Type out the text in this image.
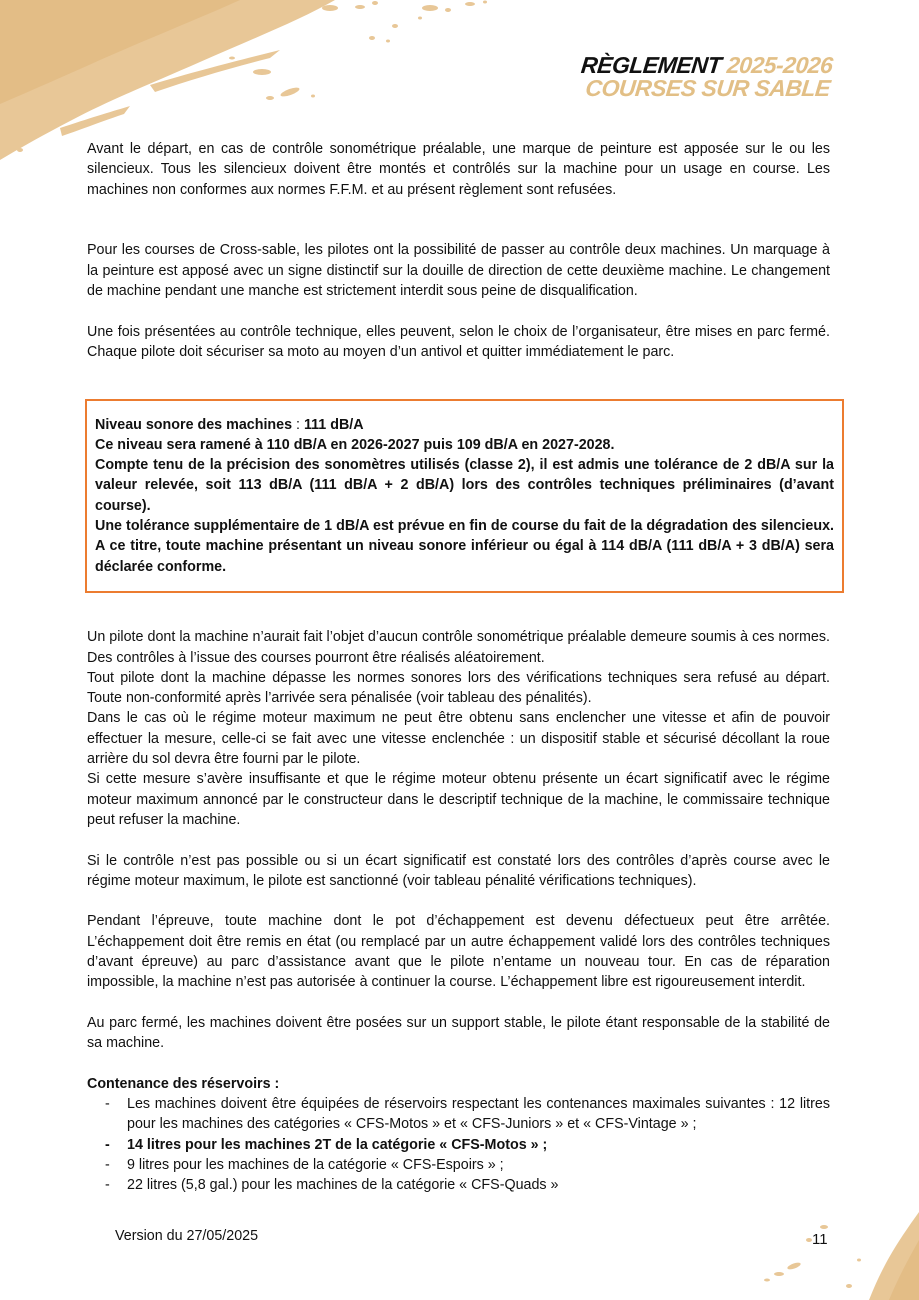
RÈGLEMENT 2025-2026
COURSES SUR SABLE

Avant le départ, en cas de contrôle sonométrique préalable, une marque de peinture est apposée sur le ou les silencieux. Tous les silencieux doivent être montés et contrôlés sur la machine pour un usage en course. Les machines non conformes aux normes F.F.M. et au présent règlement sont refusées.

Pour les courses de Cross-sable, les pilotes ont la possibilité de passer au contrôle deux machines. Un marquage à la peinture est apposé avec un signe distinctif sur la douille de direction de cette deuxième machine. Le changement de machine pendant une manche est strictement interdit sous peine de disqualification.

Une fois présentées au contrôle technique, elles peuvent, selon le choix de l’organisateur, être mises en parc fermé. Chaque pilote doit sécuriser sa moto au moyen d’un antivol et quitter immédiatement le parc.

Niveau sonore des machines : 111 dB/A

Ce niveau sera ramené à 110 dB/A en 2026-2027 puis 109 dB/A en 2027-2028.

Compte tenu de la précision des sonomètres utilisés (classe 2), il est admis une tolérance de 2 dB/A sur la valeur relevée, soit 113 dB/A (111 dB/A + 2 dB/A) lors des contrôles techniques préliminaires (d’avant course).

Une tolérance supplémentaire de 1 dB/A est prévue en fin de course du fait de la dégradation des silencieux. A ce titre, toute machine présentant un niveau sonore inférieur ou égal à 114 dB/A (111 dB/A + 3 dB/A) sera déclarée conforme.

Un pilote dont la machine n’aurait fait l’objet d’aucun contrôle sonométrique préalable demeure soumis à ces normes. Des contrôles à l’issue des courses pourront être réalisés aléatoirement.

Tout pilote dont la machine dépasse les normes sonores lors des vérifications techniques sera refusé au départ. Toute non-conformité après l’arrivée sera pénalisée (voir tableau des pénalités).

Dans le cas où le régime moteur maximum ne peut être obtenu sans enclencher une vitesse et afin de pouvoir effectuer la mesure, celle-ci se fait avec une vitesse enclenchée : un dispositif stable et sécurisé décollant la roue arrière du sol devra être fourni par le pilote.

Si cette mesure s’avère insuffisante et que le régime moteur obtenu présente un écart significatif avec le régime moteur maximum annoncé par le constructeur dans le descriptif technique de la machine, le commissaire technique peut refuser la machine.

Si le contrôle n’est pas possible ou si un écart significatif est constaté lors des contrôles d’après course avec le régime moteur maximum, le pilote est sanctionné (voir tableau pénalité vérifications techniques).

Pendant l’épreuve, toute machine dont le pot d’échappement est devenu défectueux peut être arrêtée. L’échappement doit être remis en état (ou remplacé par un autre échappement validé lors des contrôles techniques d’avant épreuve) au parc d’assistance avant que le pilote n’entame un nouveau tour. En cas de réparation impossible, la machine n’est pas autorisée à continuer la course. L’échappement libre est rigoureusement interdit.

Au parc fermé, les machines doivent être posées sur un support stable, le pilote étant responsable de la stabilité de sa machine.

Contenance des réservoirs :

- Les machines doivent être équipées de réservoirs respectant les contenances maximales suivantes : 12 litres pour les machines des catégories « CFS-Motos » et « CFS-Juniors » et « CFS-Vintage » ;
- 14 litres pour les machines 2T de la catégorie « CFS-Motos » ;
- 9 litres pour les machines de la catégorie « CFS-Espoirs » ;
- 22 litres (5,8 gal.) pour les machines de la catégorie « CFS-Quads »
Version du 27/05/2025	11
